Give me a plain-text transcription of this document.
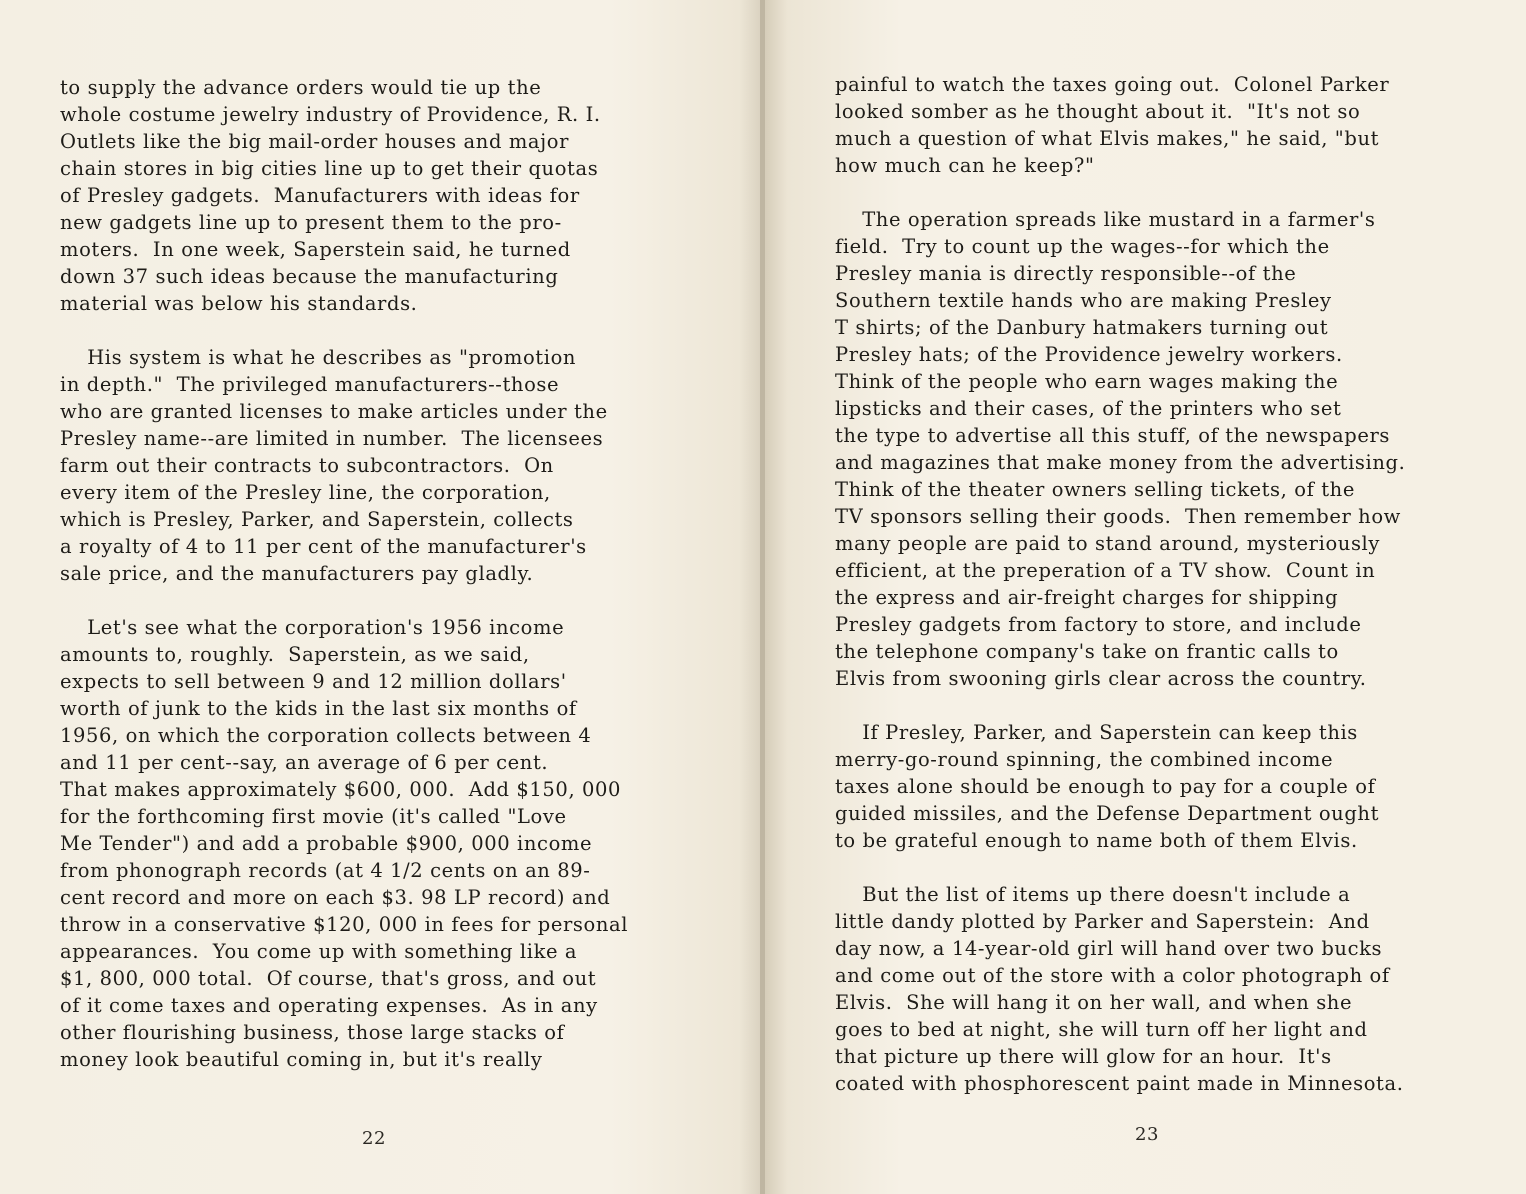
to supply the advance orders would tie up the
whole costume jewelry industry of Providence, R. I.
Outlets like the big mail-order houses and major
chain stores in big cities line up to get their quotas
of Presley gadgets.  Manufacturers with ideas for
new gadgets line up to present them to the pro-
moters.  In one week, Saperstein said, he turned
down 37 such ideas because the manufacturing
material was below his standards.
His system is what he describes as "promotion
in depth."  The privileged manufacturers--those
who are granted licenses to make articles under the
Presley name--are limited in number.  The licensees
farm out their contracts to subcontractors.  On
every item of the Presley line, the corporation,
which is Presley, Parker, and Saperstein, collects
a royalty of 4 to 11 per cent of the manufacturer's
sale price, and the manufacturers pay gladly.
Let's see what the corporation's 1956 income
amounts to, roughly.  Saperstein, as we said,
expects to sell between 9 and 12 million dollars'
worth of junk to the kids in the last six months of
1956, on which the corporation collects between 4
and 11 per cent--say, an average of 6 per cent.
That makes approximately $600, 000.  Add $150, 000
for the forthcoming first movie (it's called "Love
Me Tender") and add a probable $900, 000 income
from phonograph records (at 4 1/2 cents on an 89-
cent record and more on each $3. 98 LP record) and
throw in a conservative $120, 000 in fees for personal
appearances.  You come up with something like a
$1, 800, 000 total.  Of course, that's gross, and out
of it come taxes and operating expenses.  As in any
other flourishing business, those large stacks of
money look beautiful coming in, but it's really
22
painful to watch the taxes going out.  Colonel Parker
looked somber as he thought about it.  "It's not so
much a question of what Elvis makes," he said, "but
how much can he keep?"
The operation spreads like mustard in a farmer's
field.  Try to count up the wages--for which the
Presley mania is directly responsible--of the
Southern textile hands who are making Presley
T shirts; of the Danbury hatmakers turning out
Presley hats; of the Providence jewelry workers.
Think of the people who earn wages making the
lipsticks and their cases, of the printers who set
the type to advertise all this stuff, of the newspapers
and magazines that make money from the advertising.
Think of the theater owners selling tickets, of the
TV sponsors selling their goods.  Then remember how
many people are paid to stand around, mysteriously
efficient, at the preperation of a TV show.  Count in
the express and air-freight charges for shipping
Presley gadgets from factory to store, and include
the telephone company's take on frantic calls to
Elvis from swooning girls clear across the country.
If Presley, Parker, and Saperstein can keep this
merry-go-round spinning, the combined income
taxes alone should be enough to pay for a couple of
guided missiles, and the Defense Department ought
to be grateful enough to name both of them Elvis.
But the list of items up there doesn't include a
little dandy plotted by Parker and Saperstein:  And
day now, a 14-year-old girl will hand over two bucks
and come out of the store with a color photograph of
Elvis.  She will hang it on her wall, and when she
goes to bed at night, she will turn off her light and
that picture up there will glow for an hour.  It's
coated with phosphorescent paint made in Minnesota.
23
